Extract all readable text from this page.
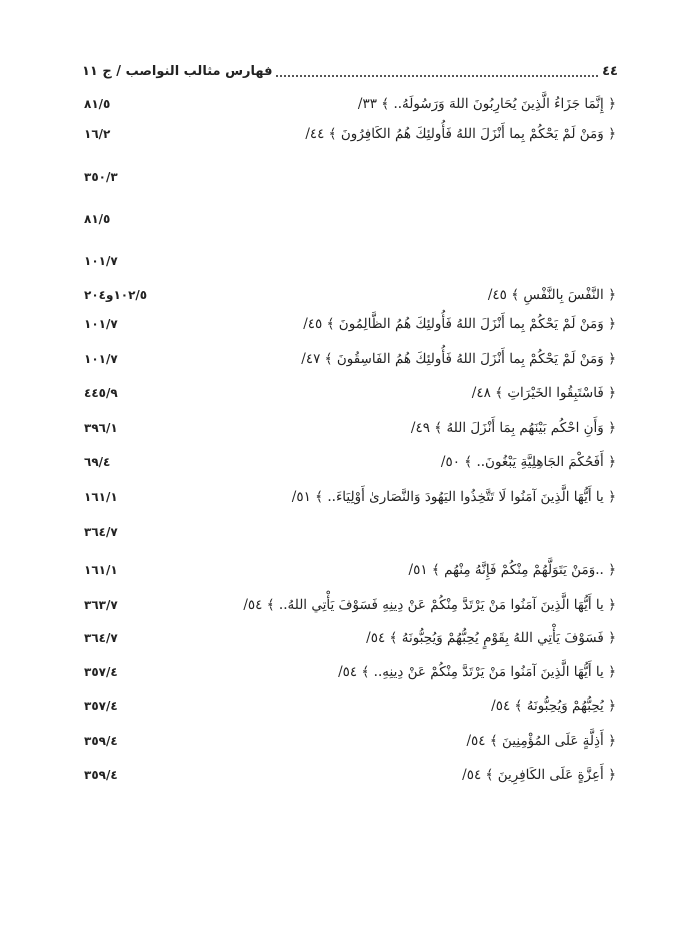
٤٤
فهارس مثالب النواصب / ج ١١
﴿ إِنَّمَا جَزَاءُ الَّذِينَ يُحَارِبُونَ اللهَ وَرَسُولَهُ.. ﴾ ٣٣/
٨١/٥
﴿ وَمَنْ لَمْ يَحْكُمْ بِما أَنْزَلَ اللهُ فَأُولئِكَ هُمُ الكَافِرُونَ ﴾ ٤٤/
١٦/٢
٣٥٠/٣
٨١/٥
١٠١/٧
﴿ النَّفْسَ بِالنَّفْسِ ﴾ ٤٥/
١٠٢/٥و٢٠٤
﴿ وَمَنْ لَمْ يَحْكُمْ بِما أَنْزَلَ اللهُ فَأُولئِكَ هُمُ الظَّالِمُونَ ﴾ ٤٥/
١٠١/٧
﴿ وَمَنْ لَمْ يَحْكُمْ بِما أَنْزَلَ اللهُ فَأُولئِكَ هُمُ الفَاسِقُونَ ﴾ ٤٧/
١٠١/٧
﴿ فَاسْتَبِقُوا الخَيْرَاتِ ﴾ ٤٨/
٤٤٥/٩
﴿ وَأَنِ احْكُم بَيْنَهُم بِمَا أَنْزَلَ اللهُ ﴾ ٤٩/
٣٩٦/١
﴿ أَفَحُكْمَ الجَاهِلِيَّةِ يَبْغُونَ.. ﴾ ٥٠/
٦٩/٤
﴿ يا أَيُّهَا الَّذِينَ آمَنُوا لَا تَتَّخِذُوا اليَهُودَ وَالنَّصَارىٰ أَوْلِيَاءَ.. ﴾ ٥١/
١٦١/١
٣٦٤/٧
﴿ ..وَمَنْ يَتَوَلَّهُمْ مِنْكُمْ فَإِنَّهُ مِنْهُم ﴾ ٥١/
١٦١/١
﴿ يا أَيُّهَا الَّذِينَ آمَنُوا مَنْ يَرْتَدَّ مِنْكُمْ عَنْ دِينِهِ فَسَوْفَ يَأْتِي اللهُ.. ﴾ ٥٤/
٣٦٣/٧
﴿ فَسَوْفَ يَأْتِي اللهُ بِقَوْمٍ يُحِبُّهُمْ وَيُحِبُّونَهُ ﴾ ٥٤/
٣٦٤/٧
﴿ يا أَيُّهَا الَّذِينَ آمَنُوا مَنْ يَرْتَدَّ مِنْكُمْ عَنْ دِينِهِ.. ﴾ ٥٤/
٣٥٧/٤
﴿ يُحِبُّهُمْ وَيُحِبُّونَهُ ﴾ ٥٤/
٣٥٧/٤
﴿ أَذِلَّةٍ عَلَى المُؤْمِنِينَ ﴾ ٥٤/
٣٥٩/٤
﴿ أَعِزَّةٍ عَلَى الكَافِرِينَ ﴾ ٥٤/
٣٥٩/٤
